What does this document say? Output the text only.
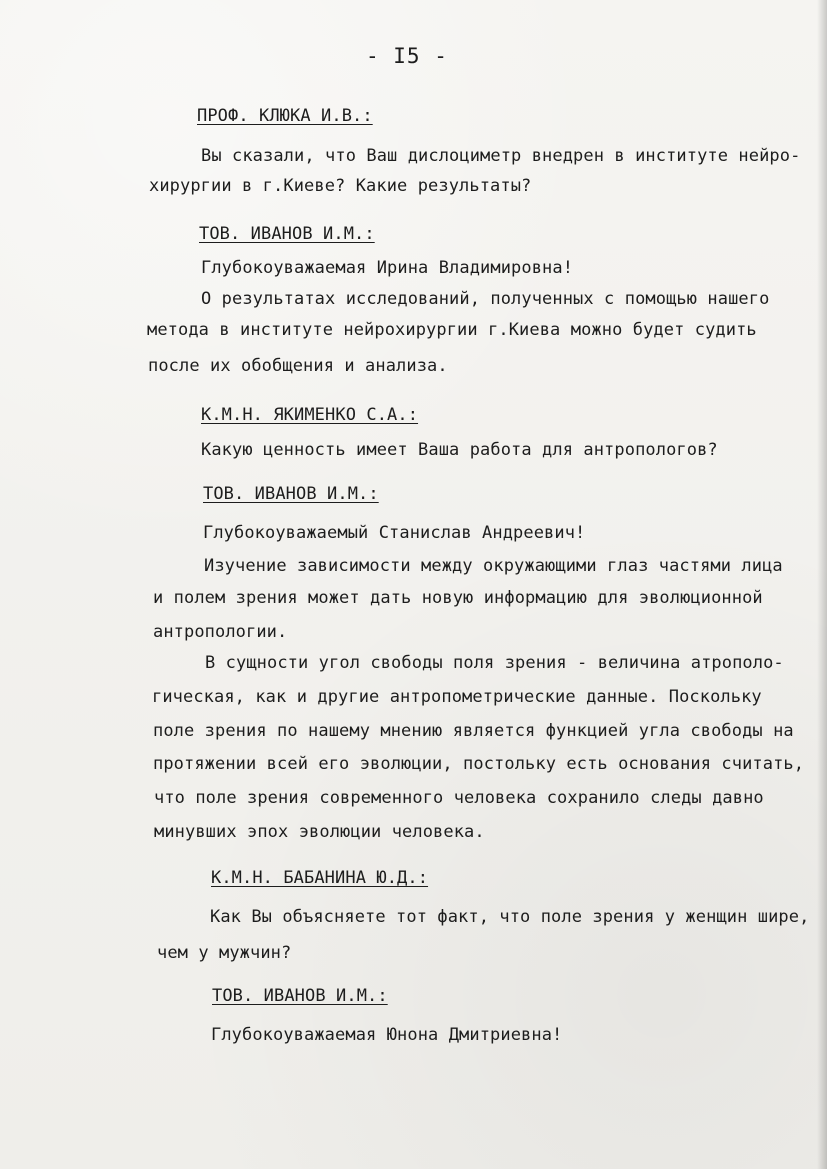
- I5 -
ПРОФ. КЛЮКА И.В.:
Вы сказали, что Ваш дислоциметр внедрен в институте нейро-
хирургии в г.Киеве? Какие результаты?
ТОВ. ИВАНОВ И.М.:
Глубокоуважаемая Ирина Владимировна!
О результатах исследований, полученных с помощью нашего
метода в институте нейрохирургии г.Киева можно будет судить
после их обобщения и анализа.
К.М.Н. ЯКИМЕНКО С.А.:
Какую ценность имеет Ваша работа для антропологов?
ТОВ. ИВАНОВ И.М.:
Глубокоуважаемый Станислав Андреевич!
Изучение зависимости между окружающими глаз частями лица
и полем зрения может дать новую информацию для эволюционной
антропологии.
В сущности угол свободы поля зрения - величина атрополо-
гическая, как и другие антропометрические данные. Поскольку
поле зрения по нашему мнению является функцией угла свободы на
протяжении всей его эволюции, постольку есть основания считать,
что поле зрения современного человека сохранило следы давно
минувших эпох эволюции человека.
К.М.Н. БАБАНИНА Ю.Д.:
Как Вы объясняете тот факт, что поле зрения у женщин шире,
чем у мужчин?
ТОВ. ИВАНОВ И.М.:
Глубокоуважаемая Юнона Дмитриевна!
